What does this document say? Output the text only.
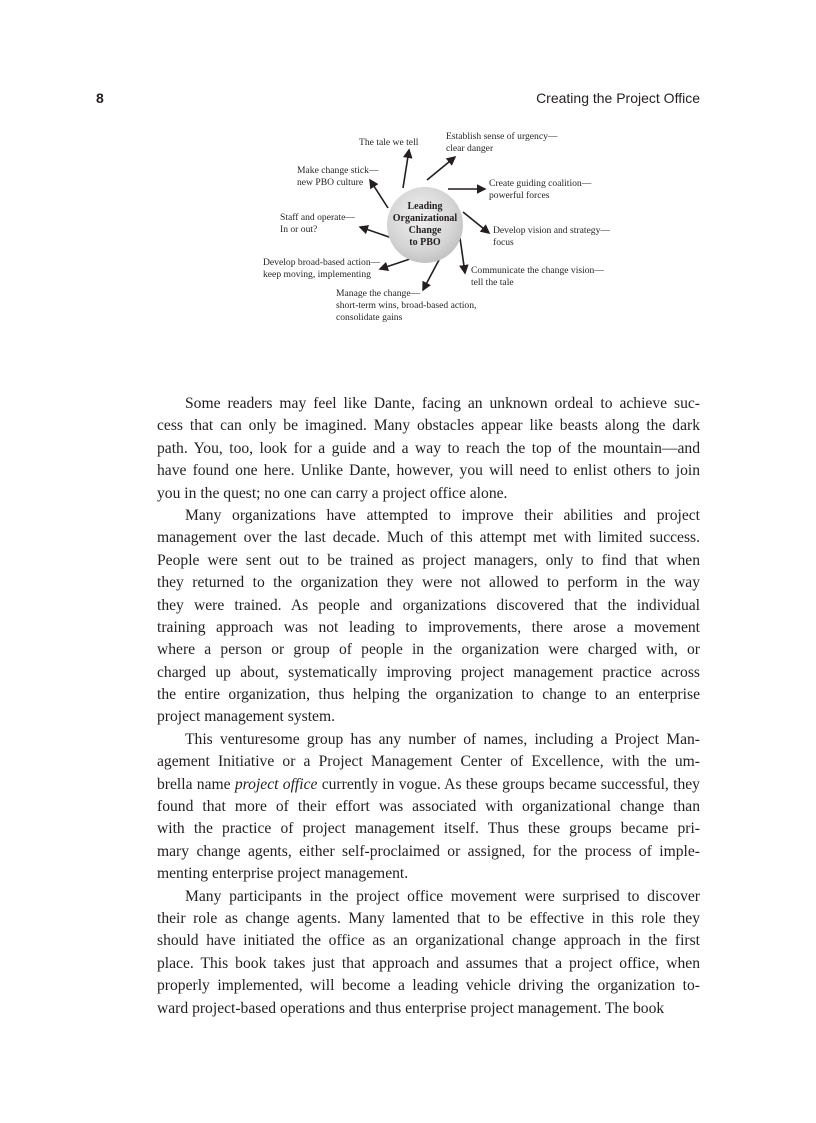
8	Creating the Project Office
Leading
Organizational
Change
to PBO
The tale we tell
Establish sense of urgency—
clear danger
Make change stick—
new PBO culture	Create guiding coalition—
powerful forces
Staff and operate—
In or out?	Develop vision and strategy—
focus
Develop broad-based action—
keep moving, implementing	Communicate the change vision—
tell the tale
Manage the change—
short-term wins, broad-based action,
consolidate gains
Some readers may feel like Dante, facing an unknown ordeal to achieve suc-
cess that can only be imagined. Many obstacles appear like beasts along the dark
path. You, too, look for a guide and a way to reach the top of the mountain—and
have found one here. Unlike Dante, however, you will need to enlist others to join
you in the quest; no one can carry a project office alone.
Many organizations have attempted to improve their abilities and project
management over the last decade. Much of this attempt met with limited success.
People were sent out to be trained as project managers, only to find that when
they returned to the organization they were not allowed to perform in the way
they were trained. As people and organizations discovered that the individual
training approach was not leading to improvements, there arose a movement
where a person or group of people in the organization were charged with, or
charged up about, systematically improving project management practice across
the entire organization, thus helping the organization to change to an enterprise
project management system.
This venturesome group has any number of names, including a Project Man-
agement Initiative or a Project Management Center of Excellence, with the um-
brella name project office currently in vogue. As these groups became successful, they
found that more of their effort was associated with organizational change than
with the practice of project management itself. Thus these groups became pri-
mary change agents, either self-proclaimed or assigned, for the process of imple-
menting enterprise project management.
Many participants in the project office movement were surprised to discover
their role as change agents. Many lamented that to be effective in this role they
should have initiated the office as an organizational change approach in the first
place. This book takes just that approach and assumes that a project office, when
properly implemented, will become a leading vehicle driving the organization to-
ward project-based operations and thus enterprise project management. The book
